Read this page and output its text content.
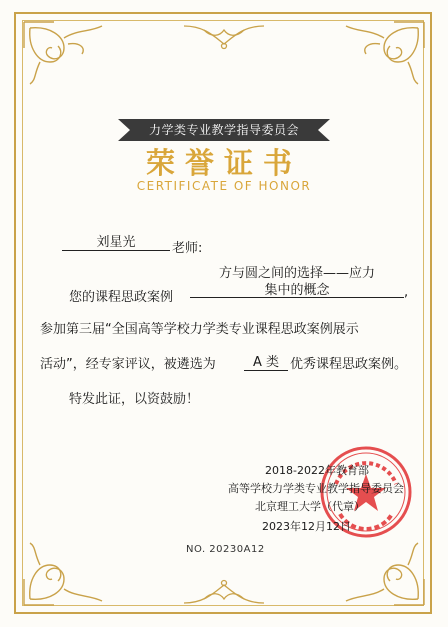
力学类专业教学指导委员会
荣誉证书
CERTIFICATE OF HONOR
刘星光	老师:
方与圆之间的选择——应力
集中的概念
您的课程思政案例	,
参加第三届“全国高等学校力学类专业课程思政案例展示
活动”，经专家评议，被遴选为	A 类 优秀课程思政案例。
特发此证，以资鼓励！
2018-2022年教育部
高等学校力学类专业教学指导委员会
北京理工大学（代章）
2023年12月12日
NO. 20230A12
